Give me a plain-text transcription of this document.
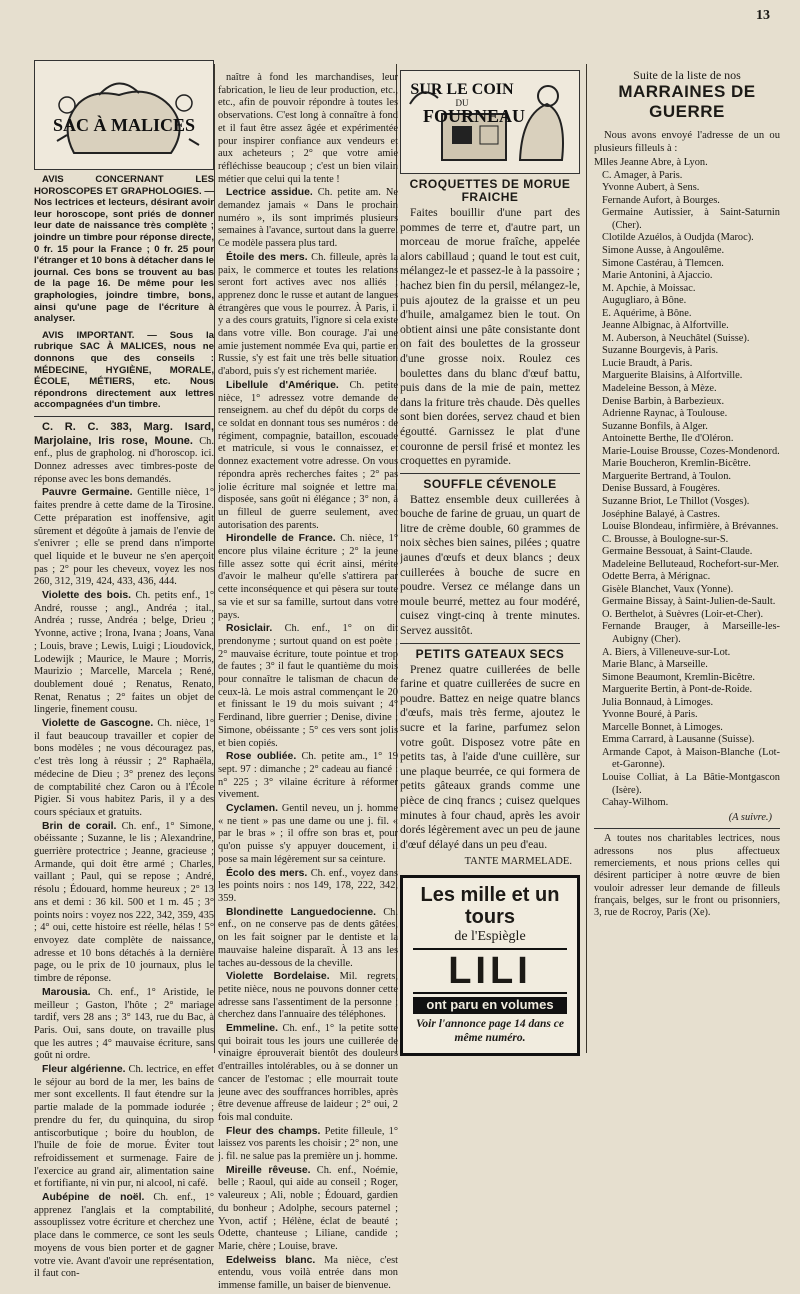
13
SAC À MALICES

AVIS CONCERNANT LES HOROSCOPES ET GRAPHOLOGIES. — Nos lectrices et lecteurs, désirant avoir leur horoscope, sont priés de donner leur date de naissance très complète ; joindre un timbre pour réponse directe, 0 fr. 15 pour la France ; 0 fr. 25 pour l'étranger et 10 bons à détacher dans le journal. Ces bons se trouvent au bas de la page 16. De même pour les graphologies, joindre timbre, bons, ainsi qu'une page de l'écriture à analyser.

AVIS IMPORTANT. — Sous la rubrique SAC À MALICES, nous ne donnons que des conseils : MÉDECINE, HYGIÈNE, MORALE, ÉCOLE, MÉTIERS, etc. Nous répondrons directement aux lettres accompagnées d'un timbre.

C. R. C. 383, Marg. Isard, Marjolaine, Iris rose, Moune. Ch. enf., plus de grapholog. ni d'horoscop. ici. Donnez adresses avec timbres-poste de réponse avec les bons demandés.

Pauvre Germaine. Gentille nièce, 1° faites prendre à cette dame de la Tirosine. Cette préparation est inoffensive, agit sûrement et dégoûte à jamais de l'envie de s'enivrer ; elle se prend dans n'importe quel liquide et le buveur ne s'en aperçoit pas ; 2° pour les cheveux, voyez les nos 260, 312, 319, 424, 433, 436, 444.

Violette des bois. Ch. petits enf., 1° André, rousse ; angl., Andréa ; ital., Andréa ; russe, Andréa ; belge, Drieu ; Yvonne, active ; Irona, Ivana ; Joans, Vana ; Louis, brave ; Lewis, Luigi ; Lioudovick, Lodewijk ; Maurice, le Maure ; Morris, Maurizio ; Marcelle, Marcela ; René, doublement doué ; Renatus, Renato, Renat, Renatus ; 2° faites un objet de lingerie, finement cousu.

Violette de Gascogne. Ch. nièce, 1° il faut beaucoup travailler et copier de bons modèles ; ne vous découragez pas, c'est très long à réussir ; 2° Raphaëla, médecine de Dieu ; 3° prenez des leçons de comptabilité chez Caron ou à l'École Pigier. Si vous habitez Paris, il y a des cours spéciaux et gratuits.

Brin de corail. Ch. enf., 1° Simone, obéissante ; Suzanne, le lis ; Alexandrine, guerrière protectrice ; Jeanne, gracieuse ; Armande, qui doit être armé ; Charles, vaillant ; Paul, qui se repose ; André, résolu ; Édouard, homme heureux ; 2° 13 ans et demi : 36 kil. 500 et 1 m. 45 ; 3° points noirs : voyez nos 222, 342, 359, 435 ; 4° oui, cette histoire est réelle, hélas ! 5° envoyez date complète de naissance, adresse et 10 bons détachés à la dernière page, ou le prix de 10 journaux, plus le timbre de réponse.

Marousia. Ch. enf., 1° Aristide, le meilleur ; Gaston, l'hôte ; 2° mariage tardif, vers 28 ans ; 3° 143, rue du Bac, à Paris. Oui, sans doute, on travaille plus que les autres ; 4° mauvaise écriture, sans goût ni ordre.

Fleur algérienne. Ch. lectrice, en effet le séjour au bord de la mer, les bains de mer sont excellents. Il faut étendre sur la partie malade de la pommade iodurée ; prendre du fer, du quinquina, du sirop antiscorbutique ; boire du houblon, de l'huile de foie de morue. Éviter tout refroidissement et surmenage. Faire de l'exercice au grand air, alimentation saine et fortifiante, ni vin pur, ni alcool, ni café.

Aubépine de noël. Ch. enf., 1° apprenez l'anglais et la comptabilité, assouplissez votre écriture et cherchez une place dans le commerce, ce sont les seuls moyens de vous bien porter et de gagner votre vie. Avant d'avoir une représentation, il faut con-

naître à fond les marchandises, leur fabrication, le lieu de leur production, etc., etc., afin de pouvoir répondre à toutes les observations. C'est long à connaître à fond et il faut être assez âgée et expérimentée pour inspirer confiance aux vendeurs et aux acheteurs ; 2° que votre amie réfléchisse beaucoup ; c'est un bien vilain métier que celui qui la tente !

Lectrice assidue. Ch. petite am. Ne demandez jamais « Dans le prochain numéro », ils sont imprimés plusieurs semaines à l'avance, surtout dans la guerre. Ce modèle passera plus tard.

Étoile des mers. Ch. filleule, après la paix, le commerce et toutes les relations seront fort actives avec nos alliés ; apprenez donc le russe et autant de langues étrangères que vous le pourrez. À Paris, il y a des cours gratuits, l'ignore si cela existe dans votre ville. Bon courage. J'ai une amie justement nommée Eva qui, partie en Russie, s'y est fait une très belle situation d'abord, puis s'y est richement mariée.

Libellule d'Amérique. Ch. petite nièce, 1° adressez votre demande de renseignem. au chef du dépôt du corps de ce soldat en donnant tous ses numéros : de régiment, compagnie, bataillon, escouade et matricule, si vous le connaissez, et donnez exactement votre adresse. On vous répondra après recherches faites ; 2° pas jolie écriture mal soignée et lettre mal disposée, sans goût ni élégance ; 3° non, à un filleul de guerre seulement, avec autorisation des parents.

Hirondelle de France. Ch. nièce, 1° encore plus vilaine écriture ; 2° la jeune fille assez sotte qui écrit ainsi, mérite d'avoir le malheur qu'elle s'attirera par cette inconséquence et qui pèsera sur toute sa vie et sur sa famille, surtout dans votre pays.

Rosiclair. Ch. enf., 1° on dit prendonyme ; surtout quand on est poète ; 2° mauvaise écriture, toute pointue et trop de fautes ; 3° il faut le quantième du mois pour connaître le talisman de chacun de ceux-là. Le mois astral commençant le 20 et finissant le 19 du mois suivant ; 4° Ferdinand, libre guerrier ; Denise, divine ; Simone, obéissante ; 5° ces vers sont jolis et bien copiés.

Rose oubliée. Ch. petite am., 1° 19 sept. 97 : dimanche ; 2° cadeau au fiancé : n° 225 ; 3° vilaine écriture à réformer vivement.

Cyclamen. Gentil neveu, un j. homme « ne tient » pas une dame ou une j. fil. « par le bras » ; il offre son bras et, pour qu'on puisse s'y appuyer doucement, il pose sa main légèrement sur sa ceinture.

Écolo des mers. Ch. enf., voyez dans les points noirs : nos 149, 178, 222, 342, 359.

Blondinette Languedocienne. Ch. enf., on ne conserve pas de dents gâtées, on les fait soigner par le dentiste et la mauvaise haleine disparaît. À 13 ans les taches au-dessous de la cheville.

Violette Bordelaise. Mil. regrets, petite nièce, nous ne pouvons donner cette adresse sans l'assentiment de la personne ; cherchez dans l'annuaire des téléphones.

Emmeline. Ch. enf., 1° la petite sotte qui boirait tous les jours une cuillerée de vinaigre éprouverait bientôt des douleurs d'entrailles intolérables, ou à se donner un cancer de l'estomac ; elle mourrait toute jeune avec des souffrances horribles, après être devenue affreuse de laideur ; 2° oui, 2 fois mal conduite.

Fleur des champs. Petite filleule, 1° laissez vos parents les choisir ; 2° non, une j. fil. ne salue pas la première un j. homme.

Mireille rêveuse. Ch. enf., Noémie, belle ; Raoul, qui aide au conseil ; Roger, valeureux ; Ali, noble ; Édouard, gardien du bonheur ; Adolphe, secours paternel ; Yvon, actif ; Hélène, éclat de beauté ; Odette, chanteuse ; Liliane, candide ; Marie, chère ; Louise, brave.

Edelweiss blanc. Ma nièce, c'est entendu, vous voilà entrée dans mon immense famille, un baiser de bienvenue.

SUR LE COIN
DU
FOURNEAU
CROQUETTES DE MORUE FRAICHE

Faites bouillir d'une part des pommes de terre et, d'autre part, un morceau de morue fraîche, appelée alors cabillaud ; quand le tout est cuit, mélangez-le et passez-le à la passoire ; hachez bien fin du persil, mélangez-le, puis ajoutez de la graisse et un peu d'huile, amalgamez bien le tout. On obtient ainsi une pâte consistante dont on fait des boulettes de la grosseur d'une grosse noix. Roulez ces boulettes dans du blanc d'œuf battu, puis dans de la mie de pain, mettez dans la friture très chaude. Dès quelles sont bien dorées, servez chaud et bien égoutté. Garnissez le plat d'une couronne de persil frisé et montez les croquettes en pyramide.

SOUFFLE CÉVENOLE

Battez ensemble deux cuillerées à bouche de farine de gruau, un quart de litre de crème double, 60 grammes de noix sèches bien saines, pilées ; quatre jaunes d'œufs et deux blancs ; deux cuillerées à bouche de sucre en poudre. Versez ce mélange dans un moule beurré, mettez au four modéré, cuisez vingt-cinq à trente minutes. Servez aussitôt.

PETITS GATEAUX SECS

Prenez quatre cuillerées de belle farine et quatre cuillerées de sucre en poudre. Battez en neige quatre blancs d'œufs, mais très ferme, ajoutez le sucre et la farine, parfumez selon votre goût. Disposez votre pâte en petits tas, à l'aide d'une cuillère, sur une plaque beurrée, ce qui formera de petits gâteaux grands comme une pièce de cinq francs ; cuisez quelques minutes à four chaud, après les avoir dorés légèrement avec un peu de jaune d'œuf délayé dans un peu d'eau.

TANTE MARMELADE.
Les mille et un tours
de l'Espiègle
LILI
ont paru en volumes
Voir l'annonce page 14 dans ce même numéro.
Suite de la liste de nos
MARRAINES DE GUERRE

Nous avons envoyé l'adresse de un ou plusieurs filleuls à :

Mlles Jeanne Abre, à Lyon.
C. Amager, à Paris.
Yvonne Aubert, à Sens.
Fernande Aufort, à Bourges.
Germaine Autissier, à Saint-Saturnin (Cher).
Clotilde Azuélos, à Oudjda (Maroc).
Simone Ausse, à Angoulême.
Simone Castérau, à Tlemcen.
Marie Antonini, à Ajaccio.
M. Apchie, à Moissac.
Augugliaro, à Bône.
E. Aquérime, à Bône.
Jeanne Albignac, à Alfortville.
M. Auberson, à Neuchâtel (Suisse).
Suzanne Bourgevis, à Paris.
Lucie Braudt, à Paris.
Marguerite Blaisins, à Alfortville.
Madeleine Besson, à Mèze.
Denise Barbin, à Barbezieux.
Adrienne Raynac, à Toulouse.
Suzanne Bonfils, à Alger.
Antoinette Berthe, Ile d'Oléron.
Marie-Louise Brousse, Cozes-Mondenord.
Marie Boucheron, Kremlin-Bicêtre.
Marguerite Bertrand, à Toulon.
Denise Bussard, à Fougères.
Suzanne Briot, Le Thillot (Vosges).
Joséphine Balayé, à Castres.
Louise Blondeau, infirmière, à Brévannes.
C. Brousse, à Boulogne-sur-S.
Germaine Bessouat, à Saint-Claude.
Madeleine Belluteaud, Rochefort-sur-Mer.
Odette Berra, à Mérignac.
Gisèle Blanchet, Vaux (Yonne).
Germaine Bissay, à Saint-Julien-de-Sault.
O. Berthelot, à Suèvres (Loir-et-Cher).
Fernande Brauger, à Marseille-les-Aubigny (Cher).
A. Biers, à Villeneuve-sur-Lot.
Marie Blanc, à Marseille.
Simone Beaumont, Kremlin-Bicêtre.
Marguerite Bertin, à Pont-de-Roide.
Julia Bonnaud, à Limoges.
Yvonne Bouré, à Paris.
Marcelle Bonnet, à Limoges.
Emma Carrard, à Lausanne (Suisse).
Armande Capot, à Maison-Blanche (Lot-et-Garonne).
Louise Colliat, à La Bâtie-Montgascon (Isère).
Cahay-Wilhom.
(A suivre.)

A toutes nos charitables lectrices, nous adressons nos plus affectueux remerciements, et nous prions celles qui désirent participer à notre œuvre de bien vouloir adresser leur demande de filleuls français, belges, sur le front ou prisonniers, 3, rue de Rocroy, Paris (Xe).
